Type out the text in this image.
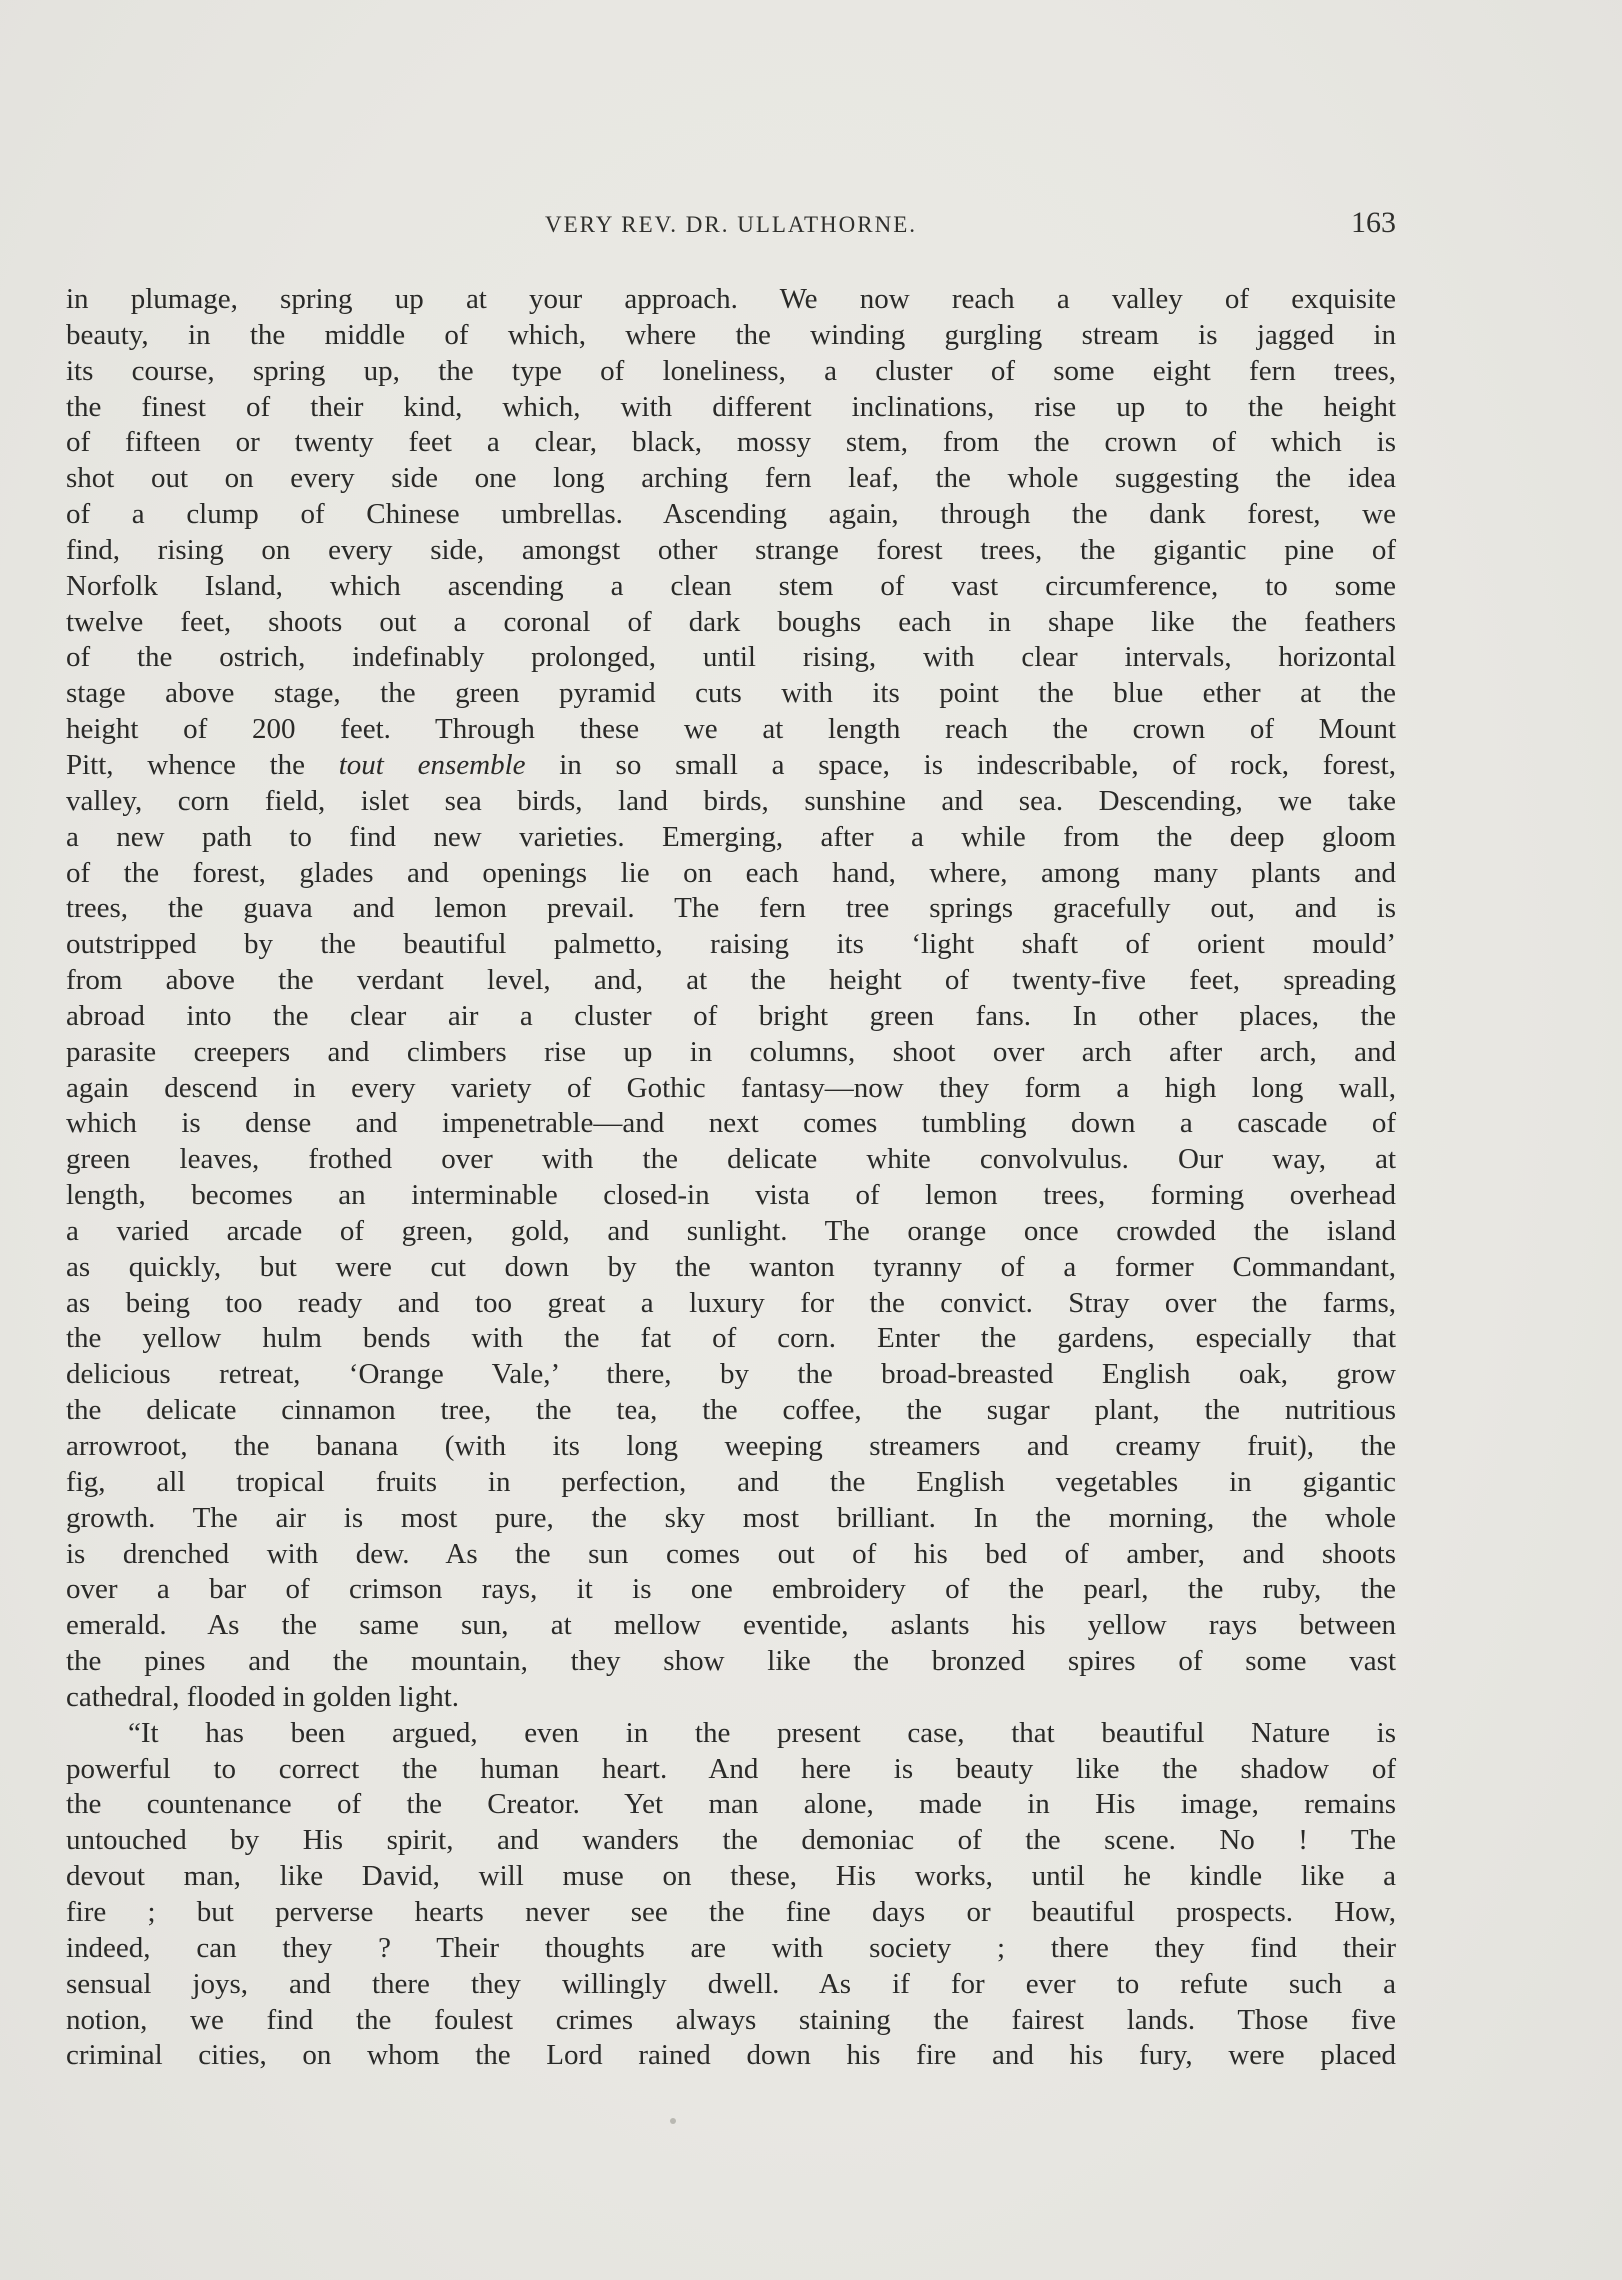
VERY REV. DR. ULLATHORNE.	163
in plumage, spring up at your approach. We now reach a valley of exquisite
beauty, in the middle of which, where the winding gurgling stream is jagged in
its course, spring up, the type of loneliness, a cluster of some eight fern trees,
the finest of their kind, which, with different inclinations, rise up to the height
of fifteen or twenty feet a clear, black, mossy stem, from the crown of which is
shot out on every side one long arching fern leaf, the whole suggesting the idea
of a clump of Chinese umbrellas. Ascending again, through the dank forest, we
find, rising on every side, amongst other strange forest trees, the gigantic pine of
Norfolk Island, which ascending a clean stem of vast circumference, to some
twelve feet, shoots out a coronal of dark boughs each in shape like the feathers
of the ostrich, indefinably prolonged, until rising, with clear intervals, horizontal
stage above stage, the green pyramid cuts with its point the blue ether at the
height of 200 feet. Through these we at length reach the crown of Mount
Pitt, whence the tout ensemble in so small a space, is indescribable, of rock, forest,
valley, corn field, islet sea birds, land birds, sunshine and sea. Descending, we take
a new path to find new varieties. Emerging, after a while from the deep gloom
of the forest, glades and openings lie on each hand, where, among many plants and
trees, the guava and lemon prevail. The fern tree springs gracefully out, and is
outstripped by the beautiful palmetto, raising its ‘light shaft of orient mould’
from above the verdant level, and, at the height of twenty-five feet, spreading
abroad into the clear air a cluster of bright green fans. In other places, the
parasite creepers and climbers rise up in columns, shoot over arch after arch, and
again descend in every variety of Gothic fantasy—now they form a high long wall,
which is dense and impenetrable—and next comes tumbling down a cascade of
green leaves, frothed over with the delicate white convolvulus. Our way, at
length, becomes an interminable closed-in vista of lemon trees, forming overhead
a varied arcade of green, gold, and sunlight. The orange once crowded the island
as quickly, but were cut down by the wanton tyranny of a former Commandant,
as being too ready and too great a luxury for the convict. Stray over the farms,
the yellow hulm bends with the fat of corn. Enter the gardens, especially that
delicious retreat, ‘Orange Vale,’ there, by the broad-breasted English oak, grow
the delicate cinnamon tree, the tea, the coffee, the sugar plant, the nutritious
arrowroot, the banana (with its long weeping streamers and creamy fruit), the
fig, all tropical fruits in perfection, and the English vegetables in gigantic
growth. The air is most pure, the sky most brilliant. In the morning, the whole
is drenched with dew. As the sun comes out of his bed of amber, and shoots
over a bar of crimson rays, it is one embroidery of the pearl, the ruby, the
emerald. As the same sun, at mellow eventide, aslants his yellow rays between
the pines and the mountain, they show like the bronzed spires of some vast
cathedral, flooded in golden light.
“It has been argued, even in the present case, that beautiful Nature is
powerful to correct the human heart. And here is beauty like the shadow of
the countenance of the Creator. Yet man alone, made in His image, remains
untouched by His spirit, and wanders the demoniac of the scene. No ! The
devout man, like David, will muse on these, His works, until he kindle like a
fire ; but perverse hearts never see the fine days or beautiful prospects. How,
indeed, can they ? Their thoughts are with society ; there they find their
sensual joys, and there they willingly dwell. As if for ever to refute such a
notion, we find the foulest crimes always staining the fairest lands. Those five
criminal cities, on whom the Lord rained down his fire and his fury, were placed
